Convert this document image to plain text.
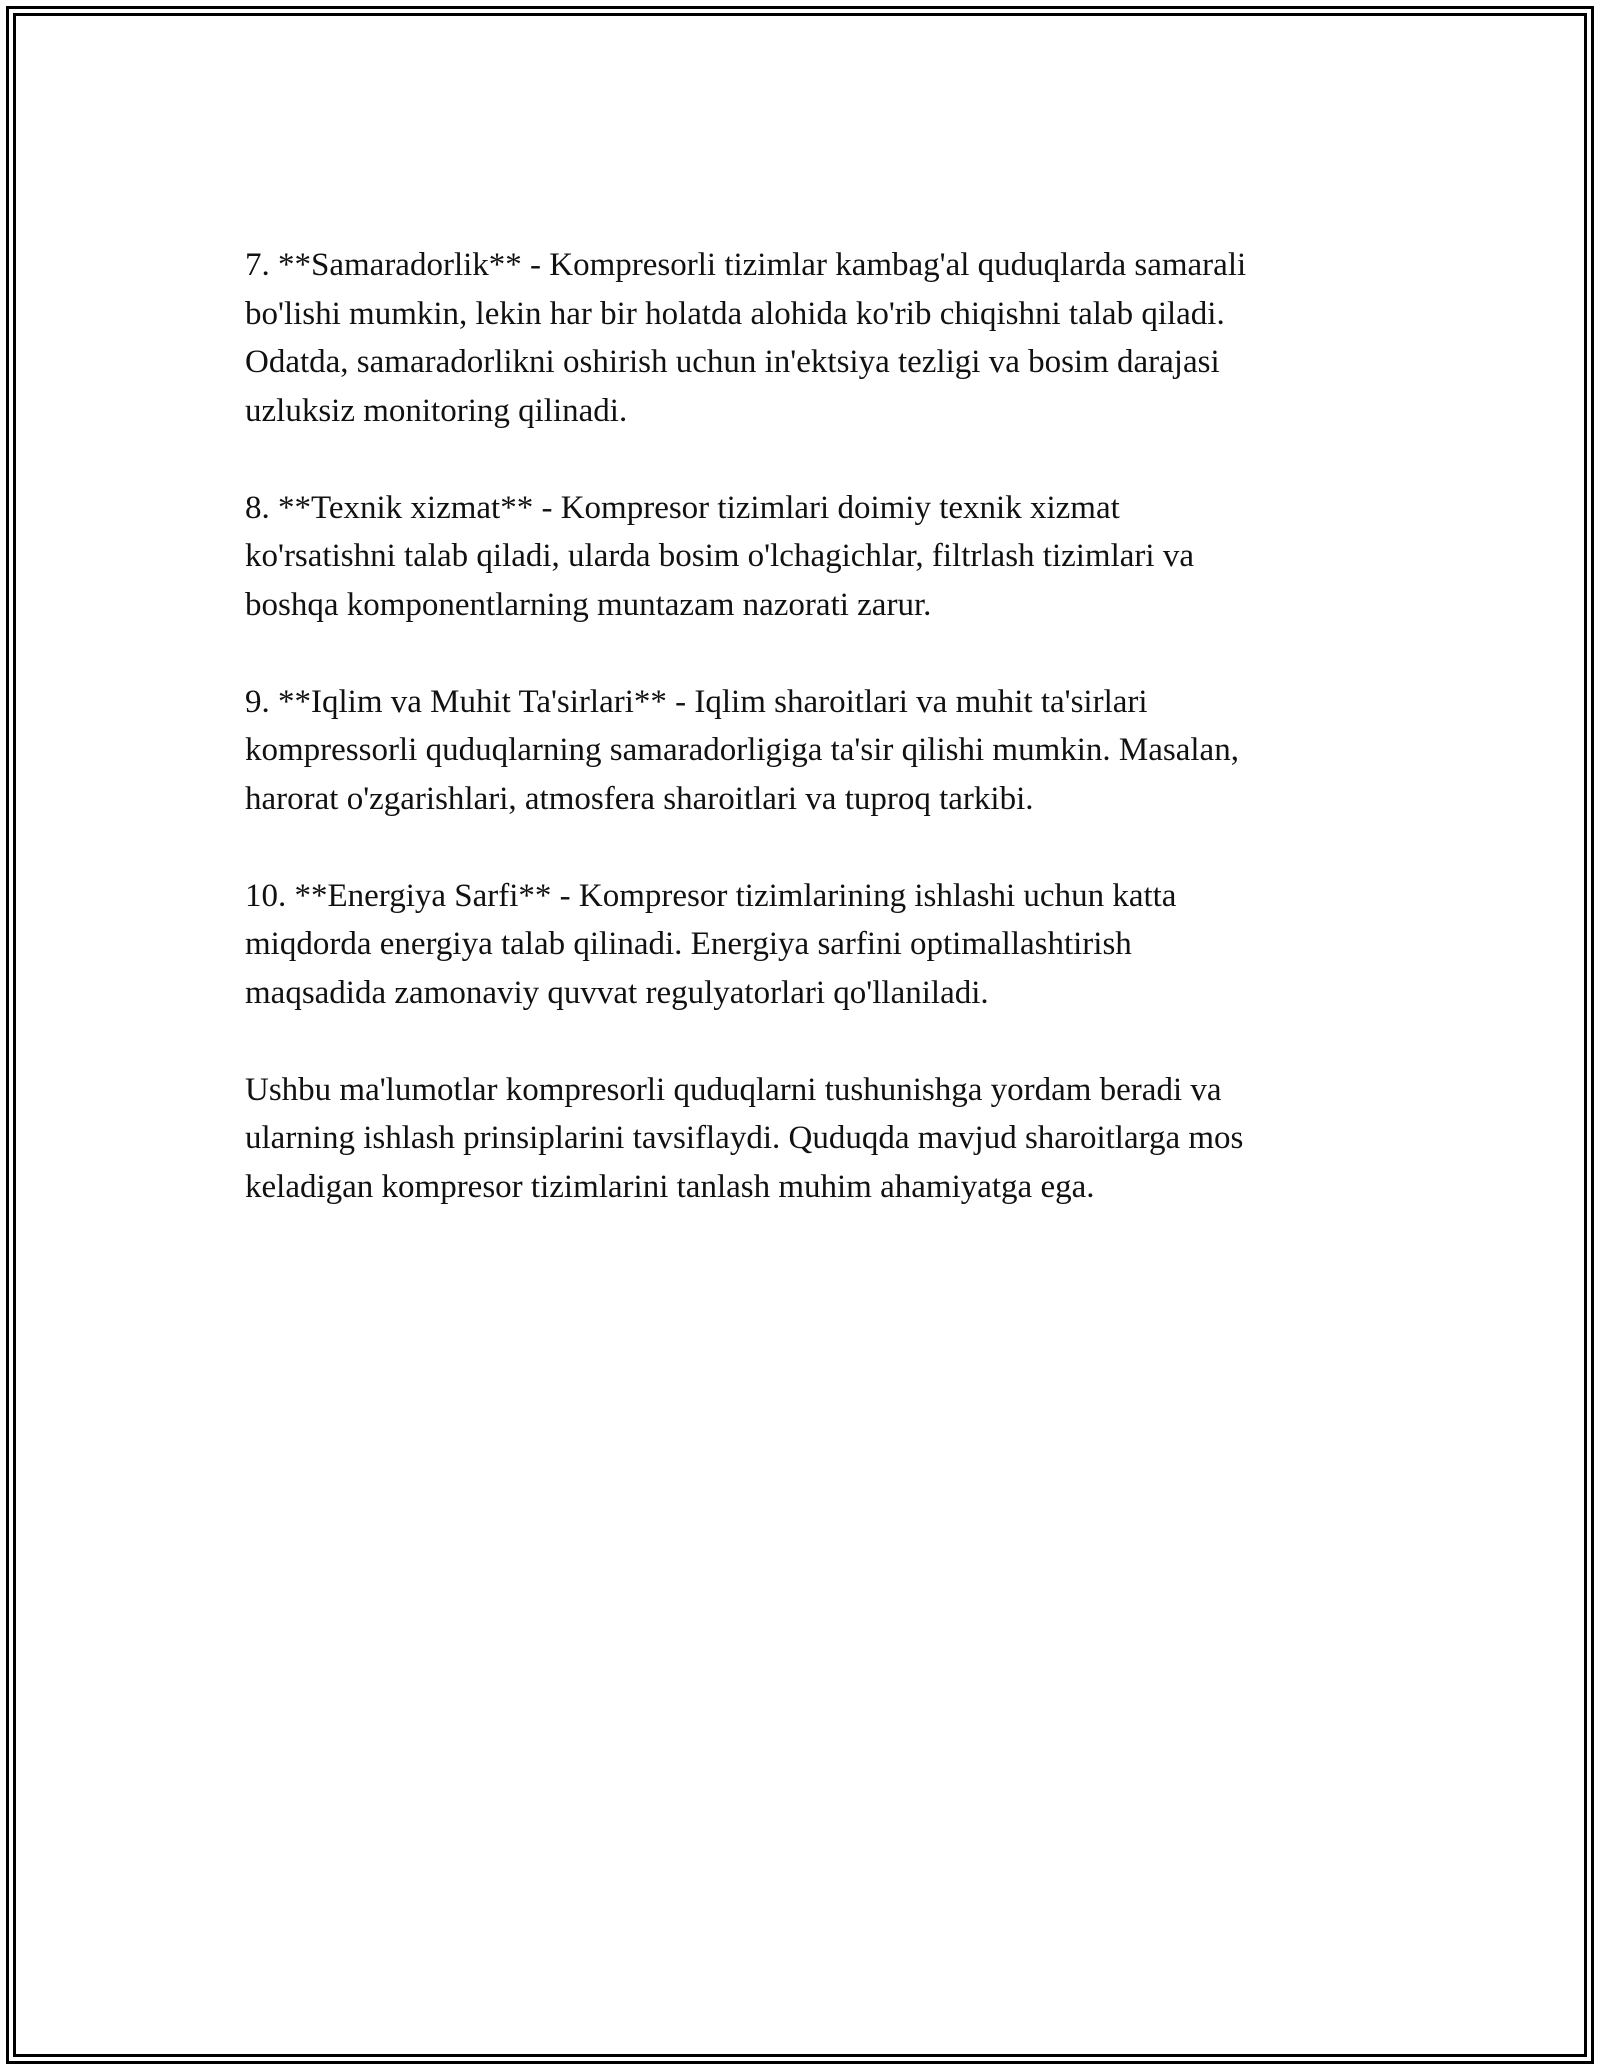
7. **Samaradorlik** - Kompresorli tizimlar kambag'al quduqlarda samarali
bo'lishi mumkin, lekin har bir holatda alohida ko'rib chiqishni talab qiladi.
Odatda, samaradorlikni oshirish uchun in'ektsiya tezligi va bosim darajasi
uzluksiz monitoring qilinadi.

8. **Texnik xizmat** - Kompresor tizimlari doimiy texnik xizmat
ko'rsatishni talab qiladi, ularda bosim o'lchagichlar, filtrlash tizimlari va
boshqa komponentlarning muntazam nazorati zarur.

9. **Iqlim va Muhit Ta'sirlari** - Iqlim sharoitlari va muhit ta'sirlari
kompressorli quduqlarning samaradorligiga ta'sir qilishi mumkin. Masalan,
harorat o'zgarishlari, atmosfera sharoitlari va tuproq tarkibi.

10. **Energiya Sarfi** - Kompresor tizimlarining ishlashi uchun katta
miqdorda energiya talab qilinadi. Energiya sarfini optimallashtirish
maqsadida zamonaviy quvvat regulyatorlari qo'llaniladi.

Ushbu ma'lumotlar kompresorli quduqlarni tushunishga yordam beradi va
ularning ishlash prinsiplarini tavsiflaydi. Quduqda mavjud sharoitlarga mos
keladigan kompresor tizimlarini tanlash muhim ahamiyatga ega.
